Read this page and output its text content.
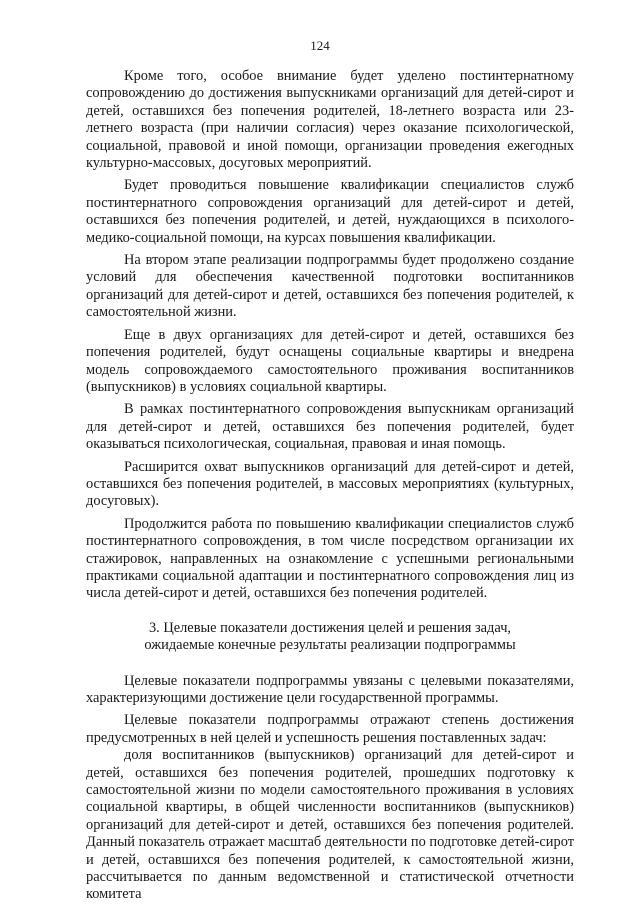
124

Кроме того, особое внимание будет уделено постинтернатному сопровождению до достижения выпускниками организаций для детей-сирот и детей, оставшихся без попечения родителей, 18-летнего возраста или 23-летнего возраста (при наличии согласия) через оказание психологической, социальной, правовой и иной помощи, организации проведения ежегодных культурно-массовых, досуговых мероприятий.

Будет проводиться повышение квалификации специалистов служб постинтернатного сопровождения организаций для детей-сирот и детей, оставшихся без попечения родителей, и детей, нуждающихся в психолого-медико-социальной помощи, на курсах повышения квалификации.

На втором этапе реализации подпрограммы будет продолжено создание условий для обеспечения качественной подготовки воспитанников организаций для детей-сирот и детей, оставшихся без попечения родителей, к самостоятельной жизни.

Еще в двух организациях для детей-сирот и детей, оставшихся без попечения родителей, будут оснащены социальные квартиры и внедрена модель сопровождаемого самостоятельного проживания воспитанников (выпускников) в условиях социальной квартиры.

В рамках постинтернатного сопровождения выпускникам организаций для детей-сирот и детей, оставшихся без попечения родителей, будет оказываться психологическая, социальная, правовая и иная помощь.

Расширится охват выпускников организаций для детей-сирот и детей, оставшихся без попечения родителей, в массовых мероприятиях (культурных, досуговых).

Продолжится работа по повышению квалификации специалистов служб постинтернатного сопровождения, в том числе посредством организации их стажировок, направленных на ознакомление с успешными региональными практиками социальной адаптации и постинтернатного сопровождения лиц из числа детей-сирот и детей, оставшихся без попечения родителей.

3. Целевые показатели достижения целей и решения задач,
ожидаемые конечные результаты реализации подпрограммы

Целевые показатели подпрограммы увязаны с целевыми показателями, характеризующими достижение цели государственной программы.

Целевые показатели подпрограммы отражают степень достижения предусмотренных в ней целей и успешность решения поставленных задач:

доля воспитанников (выпускников) организаций для детей-сирот и детей, оставшихся без попечения родителей, прошедших подготовку к самостоятельной жизни по модели самостоятельного проживания в условиях социальной квартиры, в общей численности воспитанников (выпускников) организаций для детей-сирот и детей, оставшихся без попечения родителей. Данный показатель отражает масштаб деятельности по подготовке детей-сирот и детей, оставшихся без попечения родителей, к самостоятельной жизни, рассчитывается по данным ведомственной и статистической отчетности комитета
